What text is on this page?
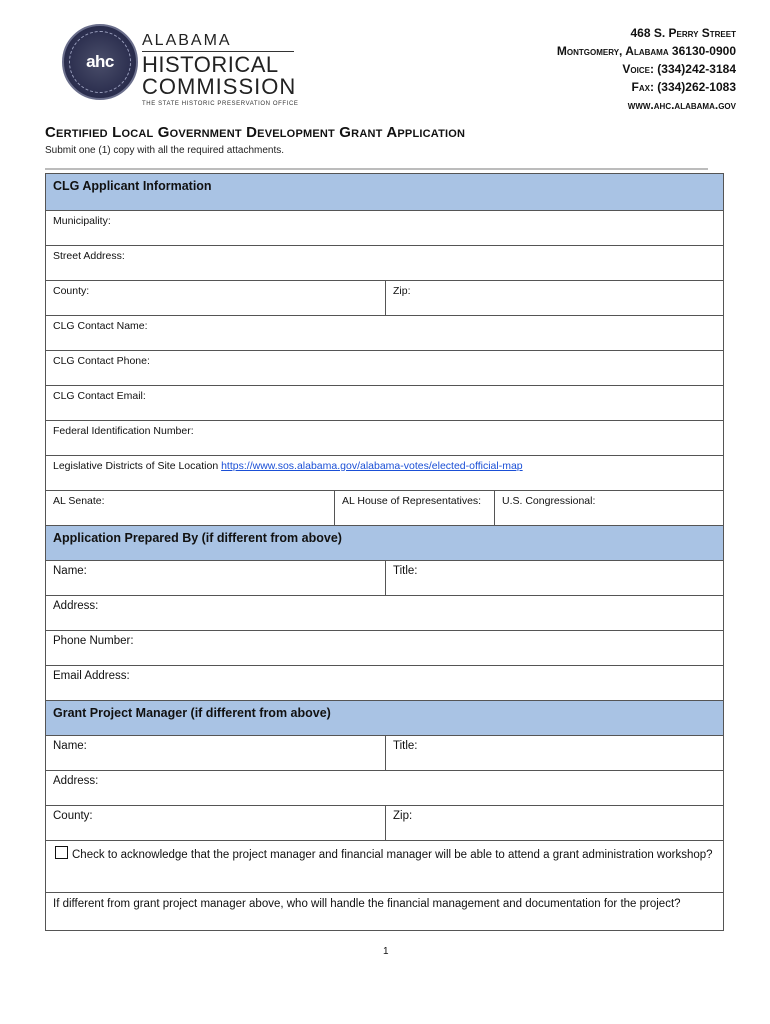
ahc
ALABAMA
HISTORICAL
COMMISSION
THE STATE HISTORIC PRESERVATION OFFICE
468 S. Perry Street
Montgomery, Alabama 36130-0900
Voice: (334)242-3184
Fax: (334)262-1083
www.ahc.alabama.gov
Certified Local Government Development Grant Application
Submit one (1) copy with all the required attachments.
CLG Applicant Information
Municipality:
Street Address:
County:	Zip:
CLG Contact Name:
CLG Contact Phone:
CLG Contact Email:
Federal Identification Number:
Legislative Districts of Site Location https://www.sos.alabama.gov/alabama-votes/elected-official-map
AL Senate:	AL House of Representatives:	U.S. Congressional:
Application Prepared By (if different from above)
Name:	Title:
Address:
Phone Number:
Email Address:
Grant Project Manager (if different from above)
Name:	Title:
Address:
County:	Zip:
Check to acknowledge that the project manager and financial manager will be able to attend a grant administration workshop?
If different from grant project manager above, who will handle the financial management and documentation for the project?
1
